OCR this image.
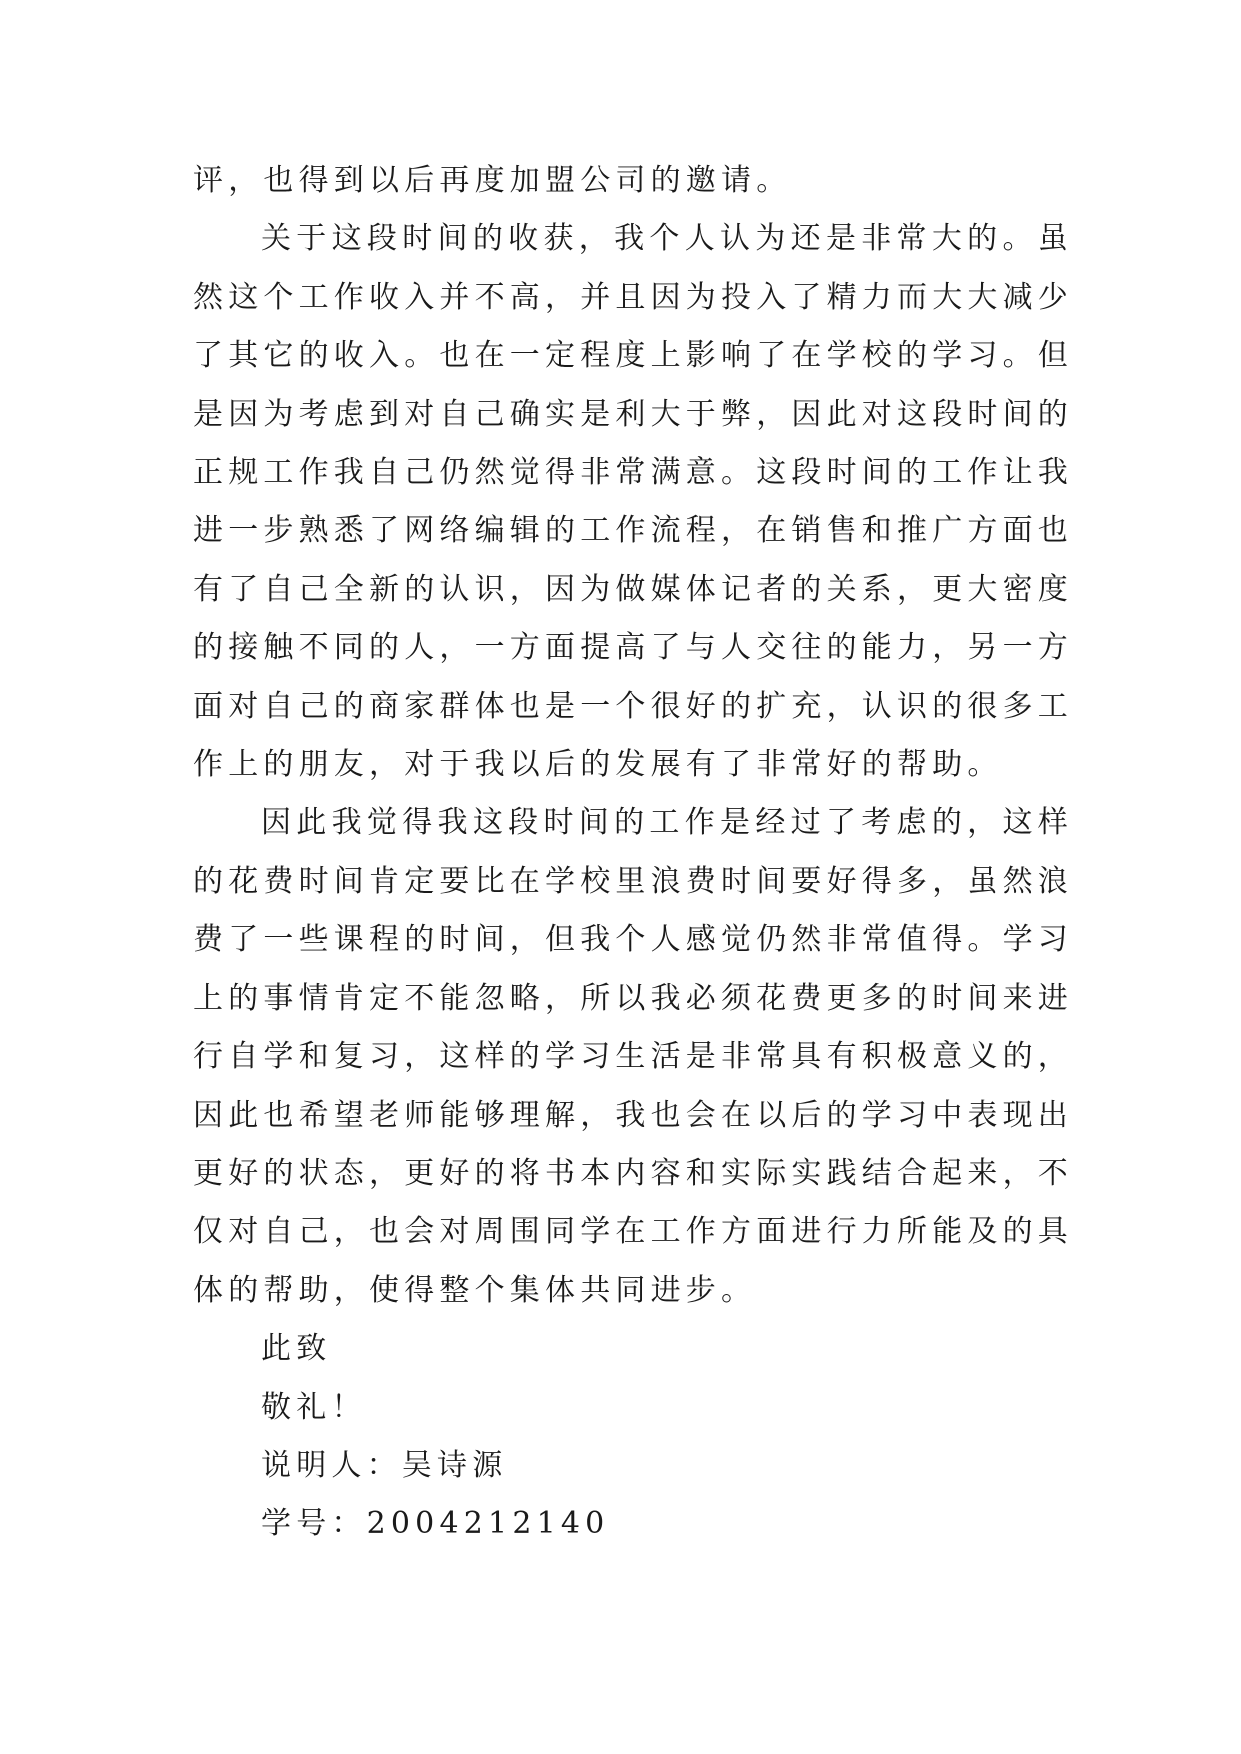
评，也得到以后再度加盟公司的邀请。

关于这段时间的收获，我个人认为还是非常大的。虽然这个工作收入并不高，并且因为投入了精力而大大减少了其它的收入。也在一定程度上影响了在学校的学习。但是因为考虑到对自己确实是利大于弊，因此对这段时间的正规工作我自己仍然觉得非常满意。这段时间的工作让我进一步熟悉了网络编辑的工作流程，在销售和推广方面也有了自己全新的认识，因为做媒体记者的关系，更大密度的接触不同的人，一方面提高了与人交往的能力，另一方面对自己的商家群体也是一个很好的扩充，认识的很多工作上的朋友，对于我以后的发展有了非常好的帮助。

因此我觉得我这段时间的工作是经过了考虑的，这样的花费时间肯定要比在学校里浪费时间要好得多，虽然浪费了一些课程的时间，但我个人感觉仍然非常值得。学习上的事情肯定不能忽略，所以我必须花费更多的时间来进行自学和复习，这样的学习生活是非常具有积极意义的，因此也希望老师能够理解，我也会在以后的学习中表现出更好的状态，更好的将书本内容和实际实践结合起来，不仅对自己，也会对周围同学在工作方面进行力所能及的具体的帮助，使得整个集体共同进步。

此致

敬礼！

说明人：吴诗源

学号：2004212140
